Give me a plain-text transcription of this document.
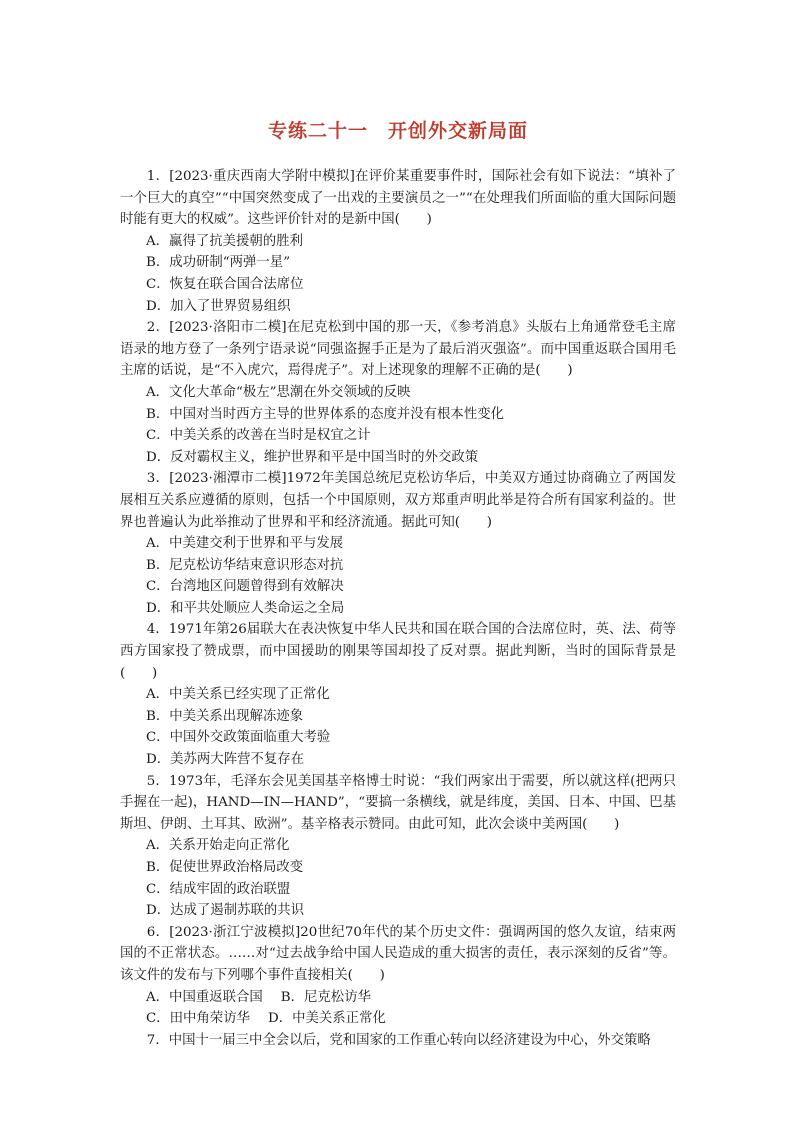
专练二十一　开创外交新局面

1．[2023·重庆西南大学附中模拟]在评价某重要事件时，国际社会有如下说法：“填补了一个巨大的真空”“中国突然变成了一出戏的主要演员之一”“在处理我们所面临的重大国际问题时能有更大的权威”。这些评价针对的是新中国(　　)

A．赢得了抗美援朝的胜利

B．成功研制“两弹一星”

C．恢复在联合国合法席位

D．加入了世界贸易组织

2．[2023·洛阳市二模]在尼克松到中国的那一天，《参考消息》头版右上角通常登毛主席语录的地方登了一条列宁语录说“同强盗握手正是为了最后消灭强盗”。而中国重返联合国用毛主席的话说，是“不入虎穴，焉得虎子”。对上述现象的理解不正确的是(　　)

A．文化大革命“极左”思潮在外交领域的反映

B．中国对当时西方主导的世界体系的态度并没有根本性变化

C．中美关系的改善在当时是权宜之计

D．反对霸权主义，维护世界和平是中国当时的外交政策

3．[2023·湘潭市二模]1972年美国总统尼克松访华后，中美双方通过协商确立了两国发展相互关系应遵循的原则，包括一个中国原则，双方郑重声明此举是符合所有国家利益的。世界也普遍认为此举推动了世界和平和经济流通。据此可知(　　)

A．中美建交利于世界和平与发展

B．尼克松访华结束意识形态对抗

C．台湾地区问题曾得到有效解决

D．和平共处顺应人类命运之全局

4．1971年第26届联大在表决恢复中华人民共和国在联合国的合法席位时，英、法、荷等西方国家投了赞成票，而中国援助的刚果等国却投了反对票。据此判断，当时的国际背景是(　　)

A．中美关系已经实现了正常化

B．中美关系出现解冻迹象

C．中国外交政策面临重大考验

D．美苏两大阵营不复存在

5．1973年，毛泽东会见美国基辛格博士时说：“我们两家出于需要，所以就这样(把两只手握在一起)，HAND—IN—HAND”，“要搞一条横线，就是纬度，美国、日本、中国、巴基斯坦、伊朗、土耳其、欧洲”。基辛格表示赞同。由此可知，此次会谈中美两国(　　)

A．关系开始走向正常化

B．促使世界政治格局改变

C．结成牢固的政治联盟

D．达成了遏制苏联的共识

6．[2023·浙江宁波模拟]20世纪70年代的某个历史文件：强调两国的悠久友谊，结束两国的不正常状态。……对“过去战争给中国人民造成的重大损害的责任，表示深刻的反省”等。该文件的发布与下列哪个事件直接相关(　　)

A．中国重返联合国 B．尼克松访华

C．田中角荣访华 D．中美关系正常化

7．中国十一届三中全会以后，党和国家的工作重心转向以经济建设为中心，外交策略
